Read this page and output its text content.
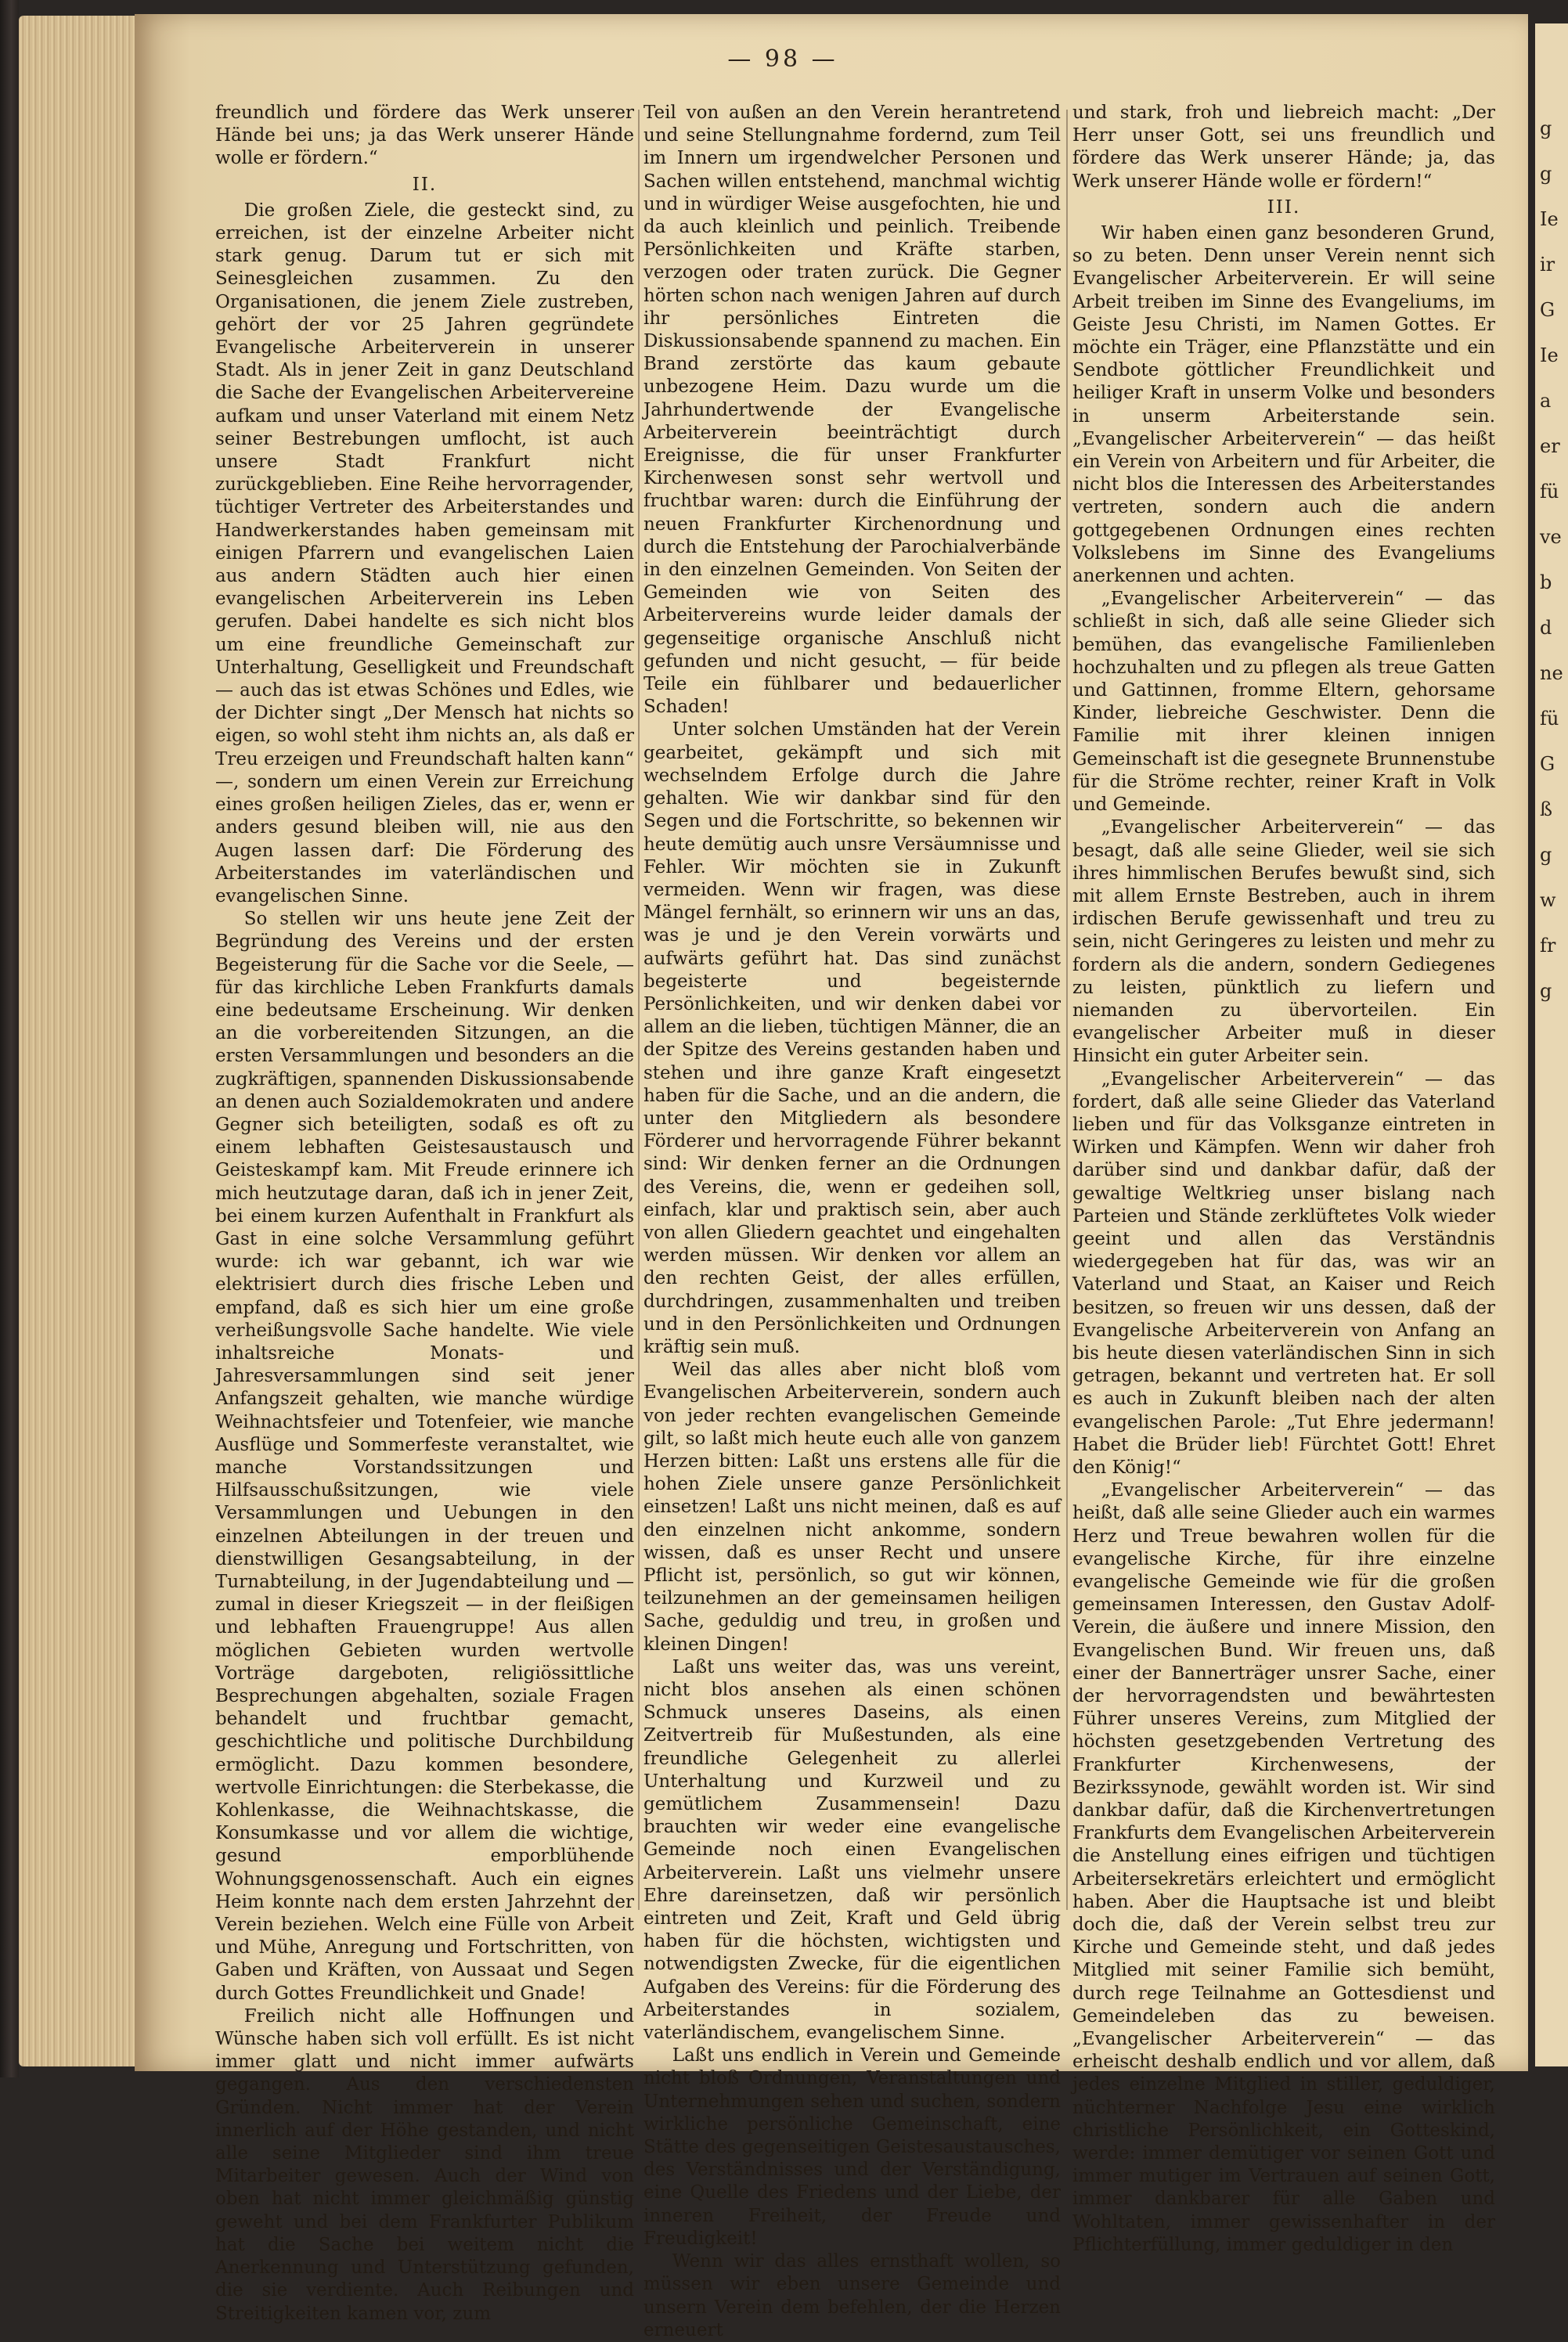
— 98 —

freundlich und fördere das Werk unserer Hände bei uns; ja das Werk unserer Hände wolle er fördern.“

II.

Die großen Ziele, die gesteckt sind, zu erreichen, ist der einzelne Arbeiter nicht stark genug. Darum tut er sich mit Seinesgleichen zusammen. Zu den Organisationen, die jenem Ziele zustreben, gehört der vor 25 Jahren gegründete Evangelische Arbeiterverein in unserer Stadt. Als in jener Zeit in ganz Deutschland die Sache der Evangelischen Arbeitervereine aufkam und unser Vaterland mit einem Netz seiner Bestrebungen umflocht, ist auch unsere Stadt Frankfurt nicht zurückgeblieben. Eine Reihe hervorragender, tüchtiger Vertreter des Arbeiterstandes und Handwerkerstandes haben gemeinsam mit einigen Pfarrern und evangelischen Laien aus andern Städten auch hier einen evangelischen Arbeiterverein ins Leben gerufen. Dabei handelte es sich nicht blos um eine freundliche Gemeinschaft zur Unterhaltung, Geselligkeit und Freundschaft — auch das ist etwas Schönes und Edles, wie der Dichter singt „Der Mensch hat nichts so eigen, so wohl steht ihm nichts an, als daß er Treu erzeigen und Freundschaft halten kann“ —, sondern um einen Verein zur Erreichung eines großen heiligen Zieles, das er, wenn er anders gesund bleiben will, nie aus den Augen lassen darf: Die Förderung des Arbeiterstandes im vaterländischen und evangelischen Sinne.

So stellen wir uns heute jene Zeit der Begründung des Vereins und der ersten Begeisterung für die Sache vor die Seele, — für das kirchliche Leben Frankfurts damals eine bedeutsame Erscheinung. Wir denken an die vorbereitenden Sitzungen, an die ersten Versammlungen und besonders an die zugkräftigen, spannenden Diskussionsabende an denen auch Sozialdemokraten und andere Gegner sich beteiligten, sodaß es oft zu einem lebhaften Geistesaustausch und Geisteskampf kam. Mit Freude erinnere ich mich heutzutage daran, daß ich in jener Zeit, bei einem kurzen Aufenthalt in Frankfurt als Gast in eine solche Versammlung geführt wurde: ich war gebannt, ich war wie elektrisiert durch dies frische Leben und empfand, daß es sich hier um eine große verheißungsvolle Sache handelte. Wie viele inhaltsreiche Monats- und Jahresversammlungen sind seit jener Anfangszeit gehalten, wie manche würdige Weihnachtsfeier und Totenfeier, wie manche Ausflüge und Sommerfeste veranstaltet, wie manche Vorstandssitzungen und Hilfsausschußsitzungen, wie viele Versammlungen und Uebungen in den einzelnen Abteilungen in der treuen und dienstwilligen Gesangsabteilung, in der Turnabteilung, in der Jugendabteilung und — zumal in dieser Kriegszeit — in der fleißigen und lebhaften Frauengruppe! Aus allen möglichen Gebieten wurden wertvolle Vorträge dargeboten, religiössittliche Besprechungen abgehalten, soziale Fragen behandelt und fruchtbar gemacht, geschichtliche und politische Durchbildung ermöglicht. Dazu kommen besondere, wertvolle Einrichtungen: die Sterbekasse, die Kohlenkasse, die Weihnachtskasse, die Konsumkasse und vor allem die wichtige, gesund emporblühende Wohnungsgenossenschaft. Auch ein eignes Heim konnte nach dem ersten Jahrzehnt der Verein beziehen. Welch eine Fülle von Arbeit und Mühe, Anregung und Fortschritten, von Gaben und Kräften, von Aussaat und Segen durch Gottes Freundlichkeit und Gnade!

Freilich nicht alle Hoffnungen und Wünsche haben sich voll erfüllt. Es ist nicht immer glatt und nicht immer aufwärts gegangen. Aus den verschiedensten Gründen. Nicht immer hat der Verein innerlich auf der Höhe gestanden, und nicht alle seine Mitglieder sind ihm treue Mitarbeiter gewesen. Auch der Wind von oben hat nicht immer gleichmäßig günstig geweht und bei dem Frankfurter Publikum hat die Sache bei weitem nicht die Anerkennung und Unterstützung gefunden, die sie verdiente. Auch Reibungen und Streitigkeiten kamen vor, zum

Teil von außen an den Verein herantretend und seine Stellungnahme fordernd, zum Teil im Innern um irgendwelcher Personen und Sachen willen entstehend, manchmal wichtig und in würdiger Weise ausgefochten, hie und da auch kleinlich und peinlich. Treibende Persönlichkeiten und Kräfte starben, verzogen oder traten zurück. Die Gegner hörten schon nach wenigen Jahren auf durch ihr persönliches Eintreten die Diskussionsabende spannend zu machen. Ein Brand zerstörte das kaum gebaute unbezogene Heim. Dazu wurde um die Jahrhundertwende der Evangelische Arbeiterverein beeinträchtigt durch Ereignisse, die für unser Frankfurter Kirchenwesen sonst sehr wertvoll und fruchtbar waren: durch die Einführung der neuen Frankfurter Kirchenordnung und durch die Entstehung der Parochialverbände in den einzelnen Gemeinden. Von Seiten der Gemeinden wie von Seiten des Arbeitervereins wurde leider damals der gegenseitige organische Anschluß nicht gefunden und nicht gesucht, — für beide Teile ein fühlbarer und bedauerlicher Schaden!

Unter solchen Umständen hat der Verein gearbeitet, gekämpft und sich mit wechselndem Erfolge durch die Jahre gehalten. Wie wir dankbar sind für den Segen und die Fortschritte, so bekennen wir heute demütig auch unsre Versäumnisse und Fehler. Wir möchten sie in Zukunft vermeiden. Wenn wir fragen, was diese Mängel fernhält, so erinnern wir uns an das, was je und je den Verein vorwärts und aufwärts geführt hat. Das sind zunächst begeisterte und begeisternde Persönlichkeiten, und wir denken dabei vor allem an die lieben, tüchtigen Männer, die an der Spitze des Vereins gestanden haben und stehen und ihre ganze Kraft eingesetzt haben für die Sache, und an die andern, die unter den Mitgliedern als besondere Förderer und hervorragende Führer bekannt sind: Wir denken ferner an die Ordnungen des Vereins, die, wenn er gedeihen soll, einfach, klar und praktisch sein, aber auch von allen Gliedern geachtet und eingehalten werden müssen. Wir denken vor allem an den rechten Geist, der alles erfüllen, durchdringen, zusammenhalten und treiben und in den Persönlichkeiten und Ordnungen kräftig sein muß.

Weil das alles aber nicht bloß vom Evangelischen Arbeiterverein, sondern auch von jeder rechten evangelischen Gemeinde gilt, so laßt mich heute euch alle von ganzem Herzen bitten: Laßt uns erstens alle für die hohen Ziele unsere ganze Persönlichkeit einsetzen! Laßt uns nicht meinen, daß es auf den einzelnen nicht ankomme, sondern wissen, daß es unser Recht und unsere Pflicht ist, persönlich, so gut wir können, teilzunehmen an der gemeinsamen heiligen Sache, geduldig und treu, in großen und kleinen Dingen!

Laßt uns weiter das, was uns vereint, nicht blos ansehen als einen schönen Schmuck unseres Daseins, als einen Zeitvertreib für Mußestunden, als eine freundliche Gelegenheit zu allerlei Unterhaltung und Kurzweil und zu gemütlichem Zusammensein! Dazu brauchten wir weder eine evangelische Gemeinde noch einen Evangelischen Arbeiterverein. Laßt uns vielmehr unsere Ehre dareinsetzen, daß wir persönlich eintreten und Zeit, Kraft und Geld übrig haben für die höchsten, wichtigsten und notwendigsten Zwecke, für die eigentlichen Aufgaben des Vereins: für die Förderung des Arbeiterstandes in sozialem, vaterländischem, evangelischem Sinne.

Laßt uns endlich in Verein und Gemeinde nicht bloß Ordnungen, Veranstaltungen und Unternehmungen sehen und suchen, sondern wirkliche persönliche Gemeinschaft, eine Stätte des gegenseitigen Geistesaustausches, des Verständnisses und der Verständigung, eine Quelle des Friedens und der Liebe, der inneren Freiheit, der Freude und Freudigkeit!

Wenn wir das alles ernsthaft wollen, so müssen wir eben unsere Gemeinde und unsern Verein dem befehlen, der die Herzen erneuert

und stark, froh und liebreich macht: „Der Herr unser Gott, sei uns freundlich und fördere das Werk unserer Hände; ja, das Werk unserer Hände wolle er fördern!“

III.

Wir haben einen ganz besonderen Grund, so zu beten. Denn unser Verein nennt sich Evangelischer Arbeiterverein. Er will seine Arbeit treiben im Sinne des Evangeliums, im Geiste Jesu Christi, im Namen Gottes. Er möchte ein Träger, eine Pflanzstätte und ein Sendbote göttlicher Freundlichkeit und heiliger Kraft in unserm Volke und besonders in unserm Arbeiterstande sein. „Evangelischer Arbeiterverein“ — das heißt ein Verein von Arbeitern und für Arbeiter, die nicht blos die Interessen des Arbeiterstandes vertreten, sondern auch die andern gottgegebenen Ordnungen eines rechten Volkslebens im Sinne des Evangeliums anerkennen und achten.

„Evangelischer Arbeiterverein“ — das schließt in sich, daß alle seine Glieder sich bemühen, das evangelische Familienleben hochzuhalten und zu pflegen als treue Gatten und Gattinnen, fromme Eltern, gehorsame Kinder, liebreiche Geschwister. Denn die Familie mit ihrer kleinen innigen Gemeinschaft ist die gesegnete Brunnenstube für die Ströme rechter, reiner Kraft in Volk und Gemeinde.

„Evangelischer Arbeiterverein“ — das besagt, daß alle seine Glieder, weil sie sich ihres himmlischen Berufes bewußt sind, sich mit allem Ernste Bestreben, auch in ihrem irdischen Berufe gewissenhaft und treu zu sein, nicht Geringeres zu leisten und mehr zu fordern als die andern, sondern Gediegenes zu leisten, pünktlich zu liefern und niemanden zu übervorteilen. Ein evangelischer Arbeiter muß in dieser Hinsicht ein guter Arbeiter sein.

„Evangelischer Arbeiterverein“ — das fordert, daß alle seine Glieder das Vaterland lieben und für das Volksganze eintreten in Wirken und Kämpfen. Wenn wir daher froh darüber sind und dankbar dafür, daß der gewaltige Weltkrieg unser bislang nach Parteien und Stände zerklüftetes Volk wieder geeint und allen das Verständnis wiedergegeben hat für das, was wir an Vaterland und Staat, an Kaiser und Reich besitzen, so freuen wir uns dessen, daß der Evangelische Arbeiterverein von Anfang an bis heute diesen vaterländischen Sinn in sich getragen, bekannt und vertreten hat. Er soll es auch in Zukunft bleiben nach der alten evangelischen Parole: „Tut Ehre jedermann! Habet die Brüder lieb! Fürchtet Gott! Ehret den König!“

„Evangelischer Arbeiterverein“ — das heißt, daß alle seine Glieder auch ein warmes Herz und Treue bewahren wollen für die evangelische Kirche, für ihre einzelne evangelische Gemeinde wie für die großen gemeinsamen Interessen, den Gustav Adolf-Verein, die äußere und innere Mission, den Evangelischen Bund. Wir freuen uns, daß einer der Bannerträger unsrer Sache, einer der hervorragendsten und bewährtesten Führer unseres Vereins, zum Mitglied der höchsten gesetzgebenden Vertretung des Frankfurter Kirchenwesens, der Bezirkssynode, gewählt worden ist. Wir sind dankbar dafür, daß die Kirchenvertretungen Frankfurts dem Evangelischen Arbeiterverein die Anstellung eines eifrigen und tüchtigen Arbeitersekretärs erleichtert und ermöglicht haben. Aber die Hauptsache ist und bleibt doch die, daß der Verein selbst treu zur Kirche und Gemeinde steht, und daß jedes Mitglied mit seiner Familie sich bemüht, durch rege Teilnahme an Gottesdienst und Gemeindeleben das zu beweisen. „Evangelischer Arbeiterverein“ — das erheischt deshalb endlich und vor allem, daß jedes einzelne Mitglied in stiller, geduldiger, nüchterner Nachfolge Jesu eine wirklich christliche Persönlichkeit, ein Gotteskind, werde: immer demütiger vor seinen Gott und immer mutiger im Vertrauen auf seinen Gott, immer dankbarer für alle Gaben und Wohltaten, immer gewissenhafter in der Pflichterfüllung, immer geduldiger in den

g
g
Ie
ir
G
Ie
a
er
fü
ve
b
d
ne
fü
G
ß
g
w
fr
g
